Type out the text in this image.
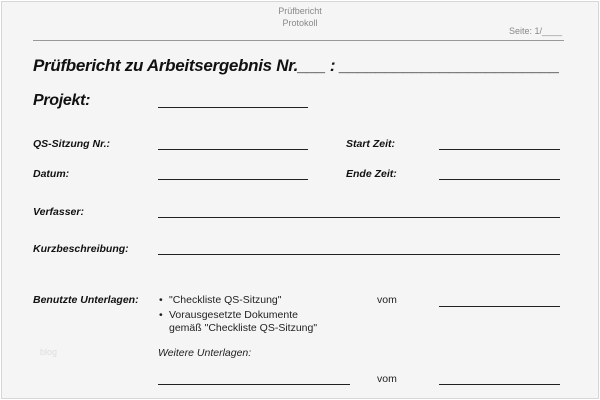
Prüfbericht
Protokoll
Seite: 1/____
Prüfbericht zu Arbeitsergebnis Nr.___ : ________________________
Projekt:
QS-Sitzung Nr.:	Start Zeit:
Datum:	Ende Zeit:
Verfasser:
Kurzbeschreibung:
Benutzte Unterlagen: • "Checkliste QS-Sitzung"	vom
• Vorausgesetzte Dokumente
gemäß "Checkliste QS-Sitzung"
blog	Weitere Unterlagen:
vom
